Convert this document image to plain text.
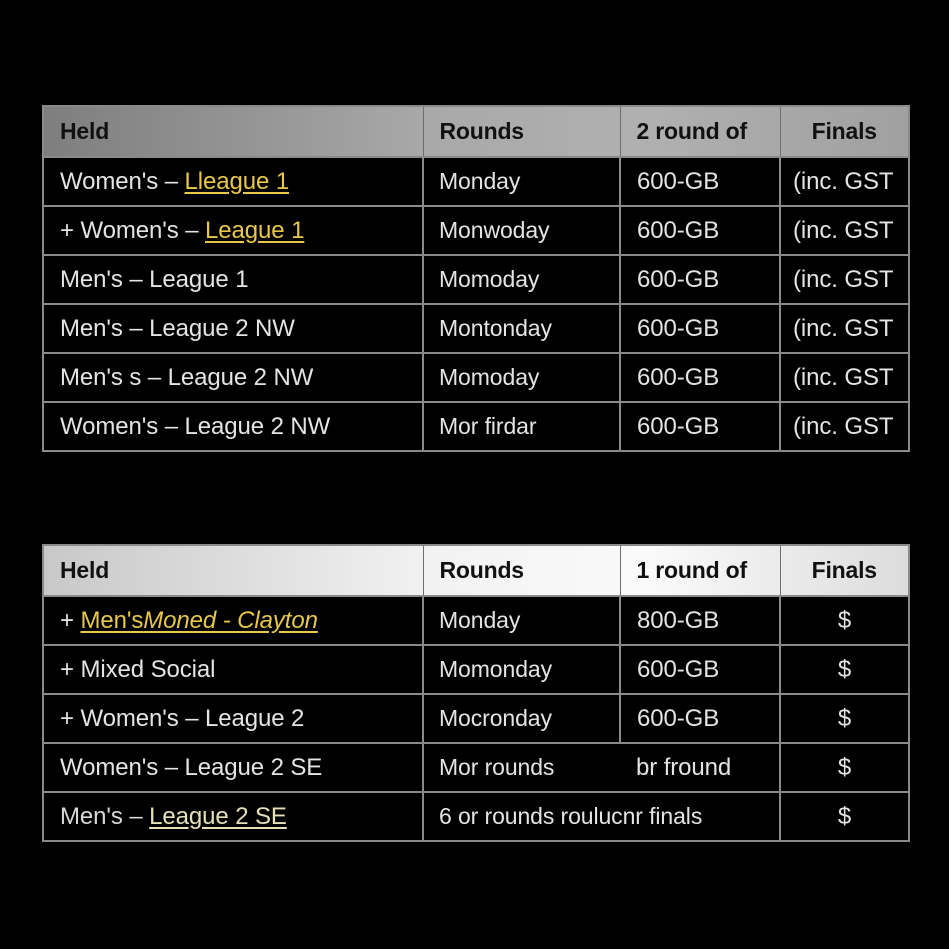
Held	Rounds	2 round of	Finals
Women's – Lleague 1	Monday	600-GB	(inc. GST
+ Women's – League 1	Monwoday	600-GB	(inc. GST
Men's – League 1	Momoday	600-GB	(inc. GST
Men's – League 2 NW	Montonday	600-GB	(inc. GST
Men's s – League 2 NW	Momoday	600-GB	(inc. GST
Women's – League 2 NW	Mor firdar	600-GB	(inc. GST
Held	Rounds	1 round of	Finals
+ Men'sMoned - Clayton	Monday	800-GB	$
+ Mixed Social	Momonday	600-GB	$
+ Women's – League 2	Mocronday	600-GB	$
Women's – League 2 SE	Mor rounds	br fround	$
Men's – League 2 SE	6 or rounds roulucnr finals		$
